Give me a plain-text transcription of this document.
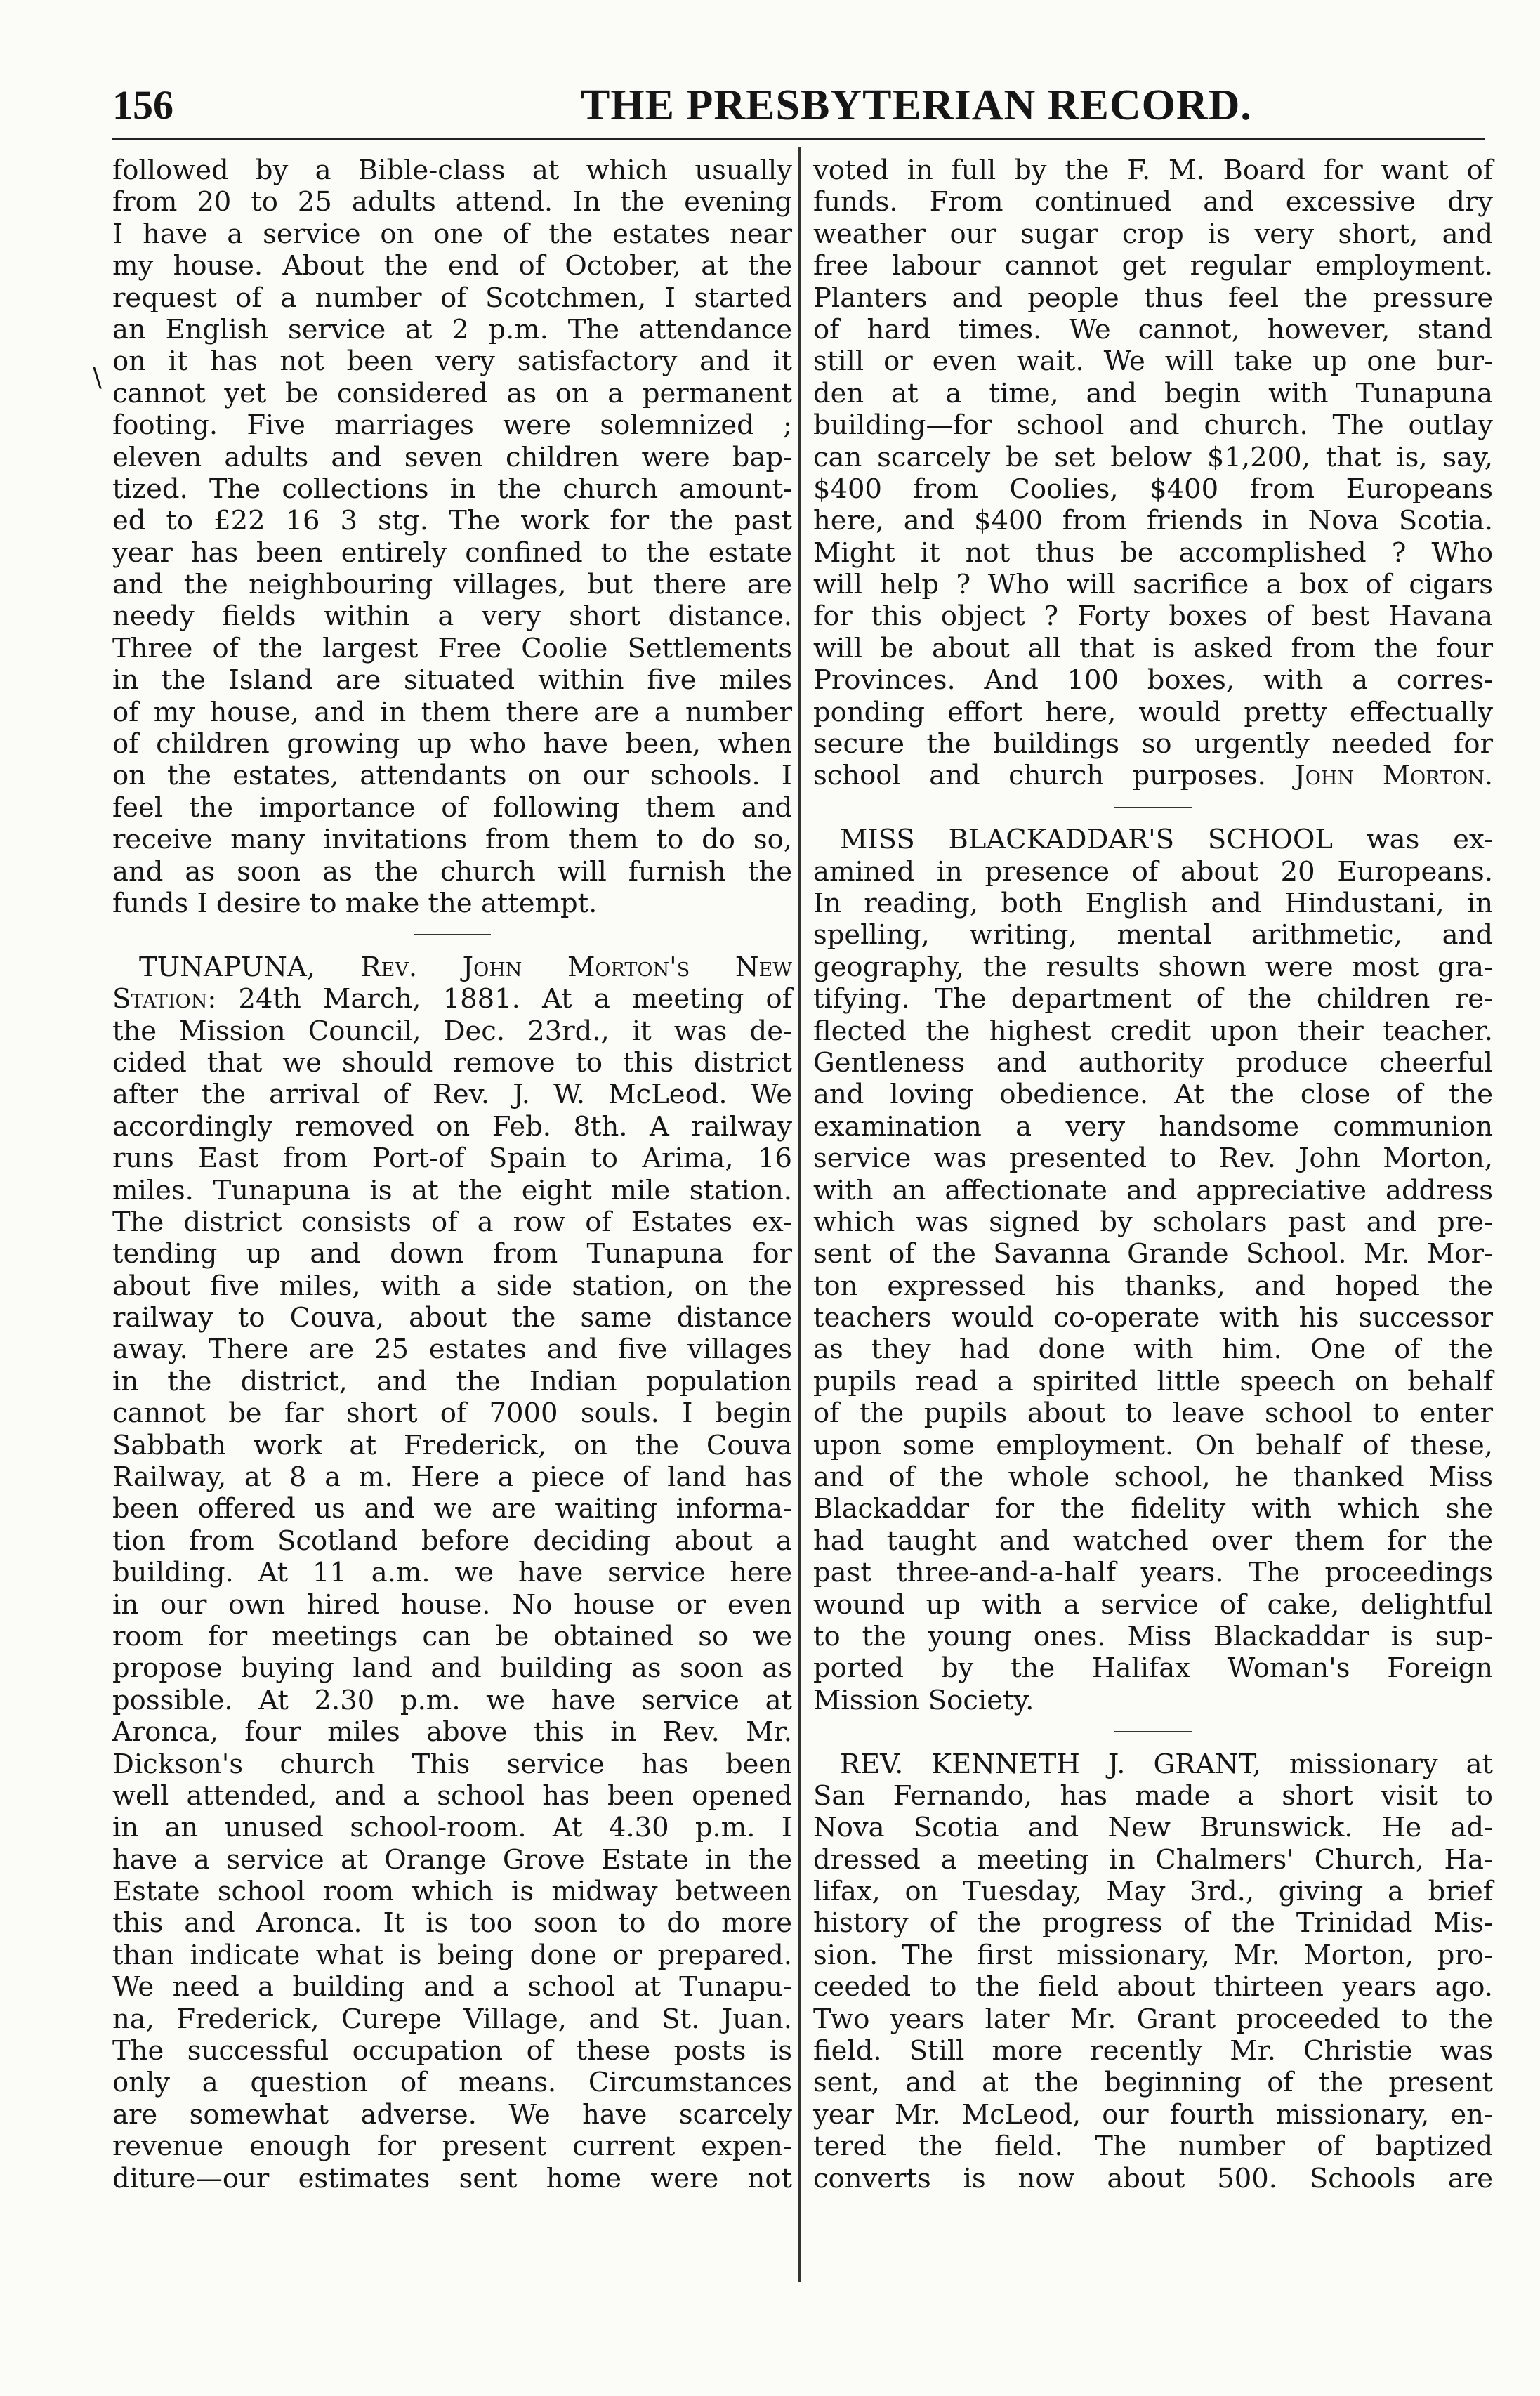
156	THE PRESBYTERIAN RECORD.
\
followed by a Bible-class at which usually
from 20 to 25 adults attend. In the evening
I have a service on one of the estates near
my house. About the end of October, at the
request of a number of Scotchmen, I started
an English service at 2 p.m. The attendance
on it has not been very satisfactory and it
cannot yet be considered as on a permanent
footing. Five marriages were solemnized ;
eleven adults and seven children were bap-
tized. The collections in the church amount-
ed to £22 16 3 stg. The work for the past
year has been entirely confined to the estate
and the neighbouring villages, but there are
needy fields within a very short distance.
Three of the largest Free Coolie Settlements
in the Island are situated within five miles
of my house, and in them there are a number
of children growing up who have been, when
on the estates, attendants on our schools. I
feel the importance of following them and
receive many invitations from them to do so,
and as soon as the church will furnish the
funds I desire to make the attempt.
TUNAPUNA, Rev. John Morton's New
Station: 24th March, 1881. At a meeting of
the Mission Council, Dec. 23rd., it was de-
cided that we should remove to this district
after the arrival of Rev. J. W. McLeod. We
accordingly removed on Feb. 8th. A railway
runs East from Port-of Spain to Arima, 16
miles. Tunapuna is at the eight mile station.
The district consists of a row of Estates ex-
tending up and down from Tunapuna for
about five miles, with a side station, on the
railway to Couva, about the same distance
away. There are 25 estates and five villages
in the district, and the Indian population
cannot be far short of 7000 souls. I begin
Sabbath work at Frederick, on the Couva
Railway, at 8 a m. Here a piece of land has
been offered us and we are waiting informa-
tion from Scotland before deciding about a
building. At 11 a.m. we have service here
in our own hired house. No house or even
room for meetings can be obtained so we
propose buying land and building as soon as
possible. At 2.30 p.m. we have service at
Aronca, four miles above this in Rev. Mr.
Dickson's church This service has been
well attended, and a school has been opened
in an unused school-room. At 4.30 p.m. I
have a service at Orange Grove Estate in the
Estate school room which is midway between
this and Aronca. It is too soon to do more
than indicate what is being done or prepared.
We need a building and a school at Tunapu-
na, Frederick, Curepe Village, and St. Juan.
The successful occupation of these posts is
only a question of means. Circumstances
are somewhat adverse. We have scarcely
revenue enough for present current expen-
diture—our estimates sent home were not
voted in full by the F. M. Board for want of
funds. From continued and excessive dry
weather our sugar crop is very short, and
free labour cannot get regular employment.
Planters and people thus feel the pressure
of hard times. We cannot, however, stand
still or even wait. We will take up one bur-
den at a time, and begin with Tunapuna
building—for school and church. The outlay
can scarcely be set below $1,200, that is, say,
$400 from Coolies, $400 from Europeans
here, and $400 from friends in Nova Scotia.
Might it not thus be accomplished ? Who
will help ? Who will sacrifice a box of cigars
for this object ? Forty boxes of best Havana
will be about all that is asked from the four
Provinces. And 100 boxes, with a corres-
ponding effort here, would pretty effectually
secure the buildings so urgently needed for
school and church purposes. John Morton.
MISS BLACKADDAR'S SCHOOL was ex-
amined in presence of about 20 Europeans.
In reading, both English and Hindustani, in
spelling, writing, mental arithmetic, and
geography, the results shown were most gra-
tifying. The department of the children re-
flected the highest credit upon their teacher.
Gentleness and authority produce cheerful
and loving obedience. At the close of the
examination a very handsome communion
service was presented to Rev. John Morton,
with an affectionate and appreciative address
which was signed by scholars past and pre-
sent of the Savanna Grande School. Mr. Mor-
ton expressed his thanks, and hoped the
teachers would co-operate with his successor
as they had done with him. One of the
pupils read a spirited little speech on behalf
of the pupils about to leave school to enter
upon some employment. On behalf of these,
and of the whole school, he thanked Miss
Blackaddar for the fidelity with which she
had taught and watched over them for the
past three-and-a-half years. The proceedings
wound up with a service of cake, delightful
to the young ones. Miss Blackaddar is sup-
ported by the Halifax Woman's Foreign
Mission Society.
REV. KENNETH J. GRANT, missionary at
San Fernando, has made a short visit to
Nova Scotia and New Brunswick. He ad-
dressed a meeting in Chalmers' Church, Ha-
lifax, on Tuesday, May 3rd., giving a brief
history of the progress of the Trinidad Mis-
sion. The first missionary, Mr. Morton, pro-
ceeded to the field about thirteen years ago.
Two years later Mr. Grant proceeded to the
field. Still more recently Mr. Christie was
sent, and at the beginning of the present
year Mr. McLeod, our fourth missionary, en-
tered the field. The number of baptized
converts is now about 500. Schools are
